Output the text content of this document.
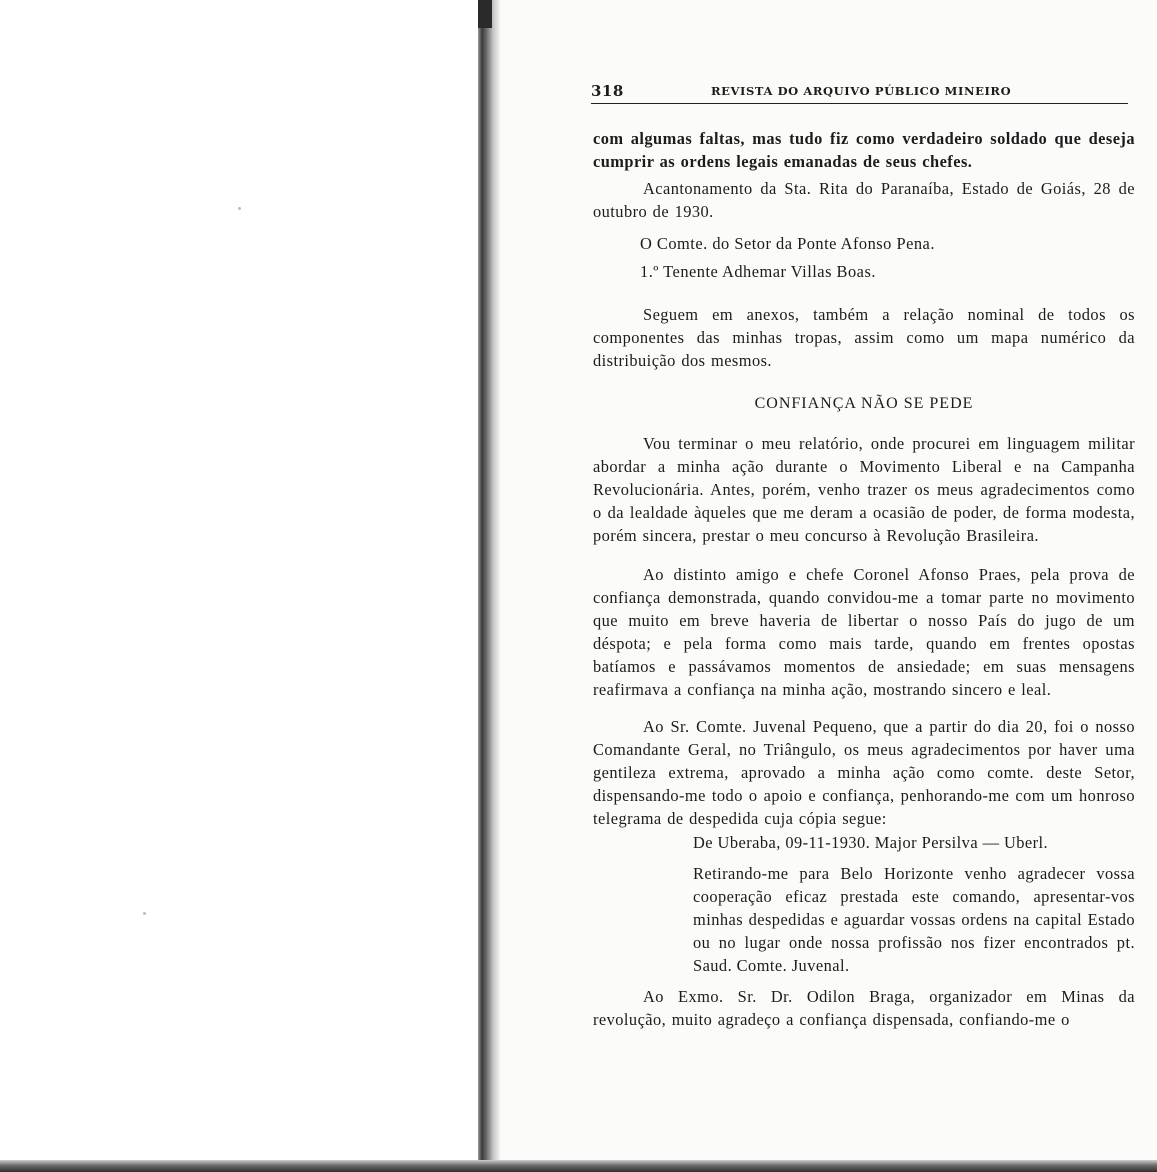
318	REVISTA DO ARQUIVO PÚBLICO MINEIRO
com algumas faltas, mas tudo fiz como verdadeiro soldado que deseja cumprir as ordens legais emanadas de seus chefes.
Acantonamento da Sta. Rita do Paranaíba, Estado de Goiás, 28 de outubro de 1930.
O Comte. do Setor da Ponte Afonso Pena.
1.º Tenente Adhemar Villas Boas.
Seguem em anexos, também a relação nominal de todos os componentes das minhas tropas, assim como um mapa numérico da distribuição dos mesmos.
CONFIANÇA NÃO SE PEDE
Vou terminar o meu relatório, onde procurei em linguagem militar abordar a minha ação durante o Movimento Liberal e na Campanha Revolucionária. Antes, porém, venho trazer os meus agradecimentos como o da lealdade àqueles que me deram a ocasião de poder, de forma modesta, porém sincera, prestar o meu concurso à Revolução Brasileira.
Ao distinto amigo e chefe Coronel Afonso Praes, pela prova de confiança demonstrada, quando convidou-me a tomar parte no movimento que muito em breve haveria de libertar o nosso País do jugo de um déspota; e pela forma como mais tarde, quando em frentes opostas batíamos e passávamos momentos de ansiedade; em suas mensagens reafirmava a confiança na minha ação, mostrando sincero e leal.
Ao Sr. Comte. Juvenal Pequeno, que a partir do dia 20, foi o nosso Comandante Geral, no Triângulo, os meus agradecimentos por haver uma gentileza extrema, aprovado a minha ação como comte. deste Setor, dispensando-me todo o apoio e confiança, penhorando-me com um honroso telegrama de despedida cuja cópia segue:
De Uberaba, 09-11-1930. Major Persilva — Uberl.
Retirando-me para Belo Horizonte venho agradecer vossa cooperação eficaz prestada este comando, apresentar-vos minhas despedidas e aguardar vossas ordens na capital Estado ou no lugar onde nossa profissão nos fizer encontrados pt. Saud. Comte. Juvenal.
Ao Exmo. Sr. Dr. Odilon Braga, organizador em Minas da revolução, muito agradeço a confiança dispensada, confiando-me o
